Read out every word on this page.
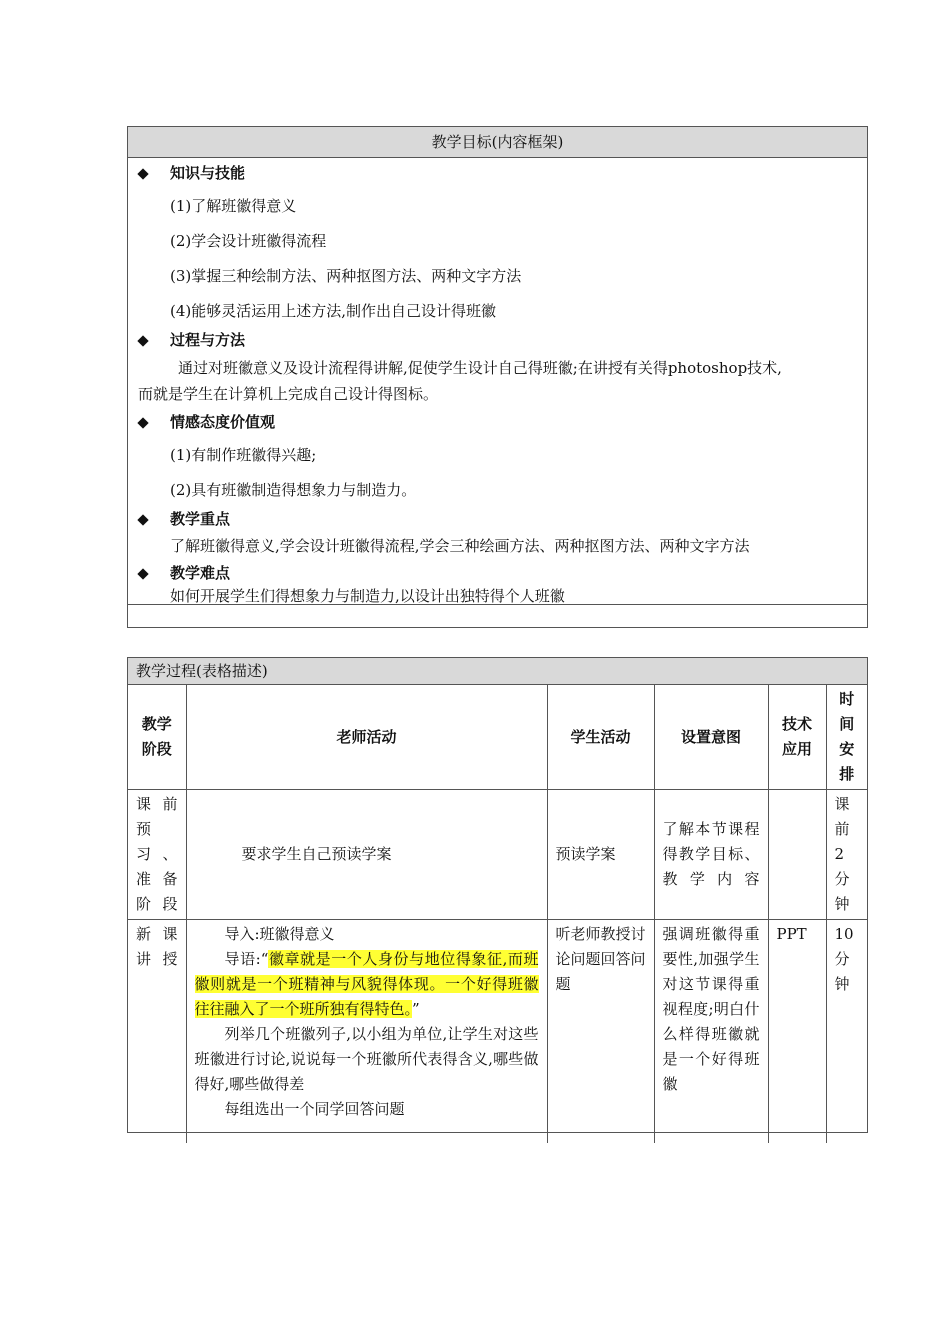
教学目标(内容框架)
知识与技能
(1)了解班徽得意义
(2)学会设计班徽得流程
(3)掌握三种绘制方法、两种抠图方法、两种文字方法
(4)能够灵活运用上述方法,制作出自己设计得班徽
过程与方法
通过对班徽意义及设计流程得讲解,促使学生设计自己得班徽;在讲授有关得photoshop技术,
而就是学生在计算机上完成自己设计得图标。
情感态度价值观
(1)有制作班徽得兴趣;
(2)具有班徽制造得想象力与制造力。
教学重点
了解班徽得意义,学会设计班徽得流程,学会三种绘画方法、两种抠图方法、两种文字方法
教学难点
如何开展学生们得想象力与制造力,以设计出独特得个人班徽
教学过程(表格描述)
教学阶段	老师活动	学生活动	设置意图	技术应用	时间安排
课前预习、准备阶段	要求学生自己预读学案	预读学案	了解本节课程得教学目标、教学内容		课前2分钟
新课讲授	导入:班徽得意义
导语:“徽章就是一个人身份与地位得象征,而班徽则就是一个班精神与风貌得体现。一个好得班徽往往融入了一个班所独有得特色。”
列举几个班徽列子,以小组为单位,让学生对这些班徽进行讨论,说说每一个班徽所代表得含义,哪些做得好,哪些做得差
每组选出一个同学回答问题	听老师教授讨论问题回答问题	强调班徽得重要性,加强学生对这节课得重视程度;明白什么样得班徽就是一个好得班徽	PPT	10分钟
